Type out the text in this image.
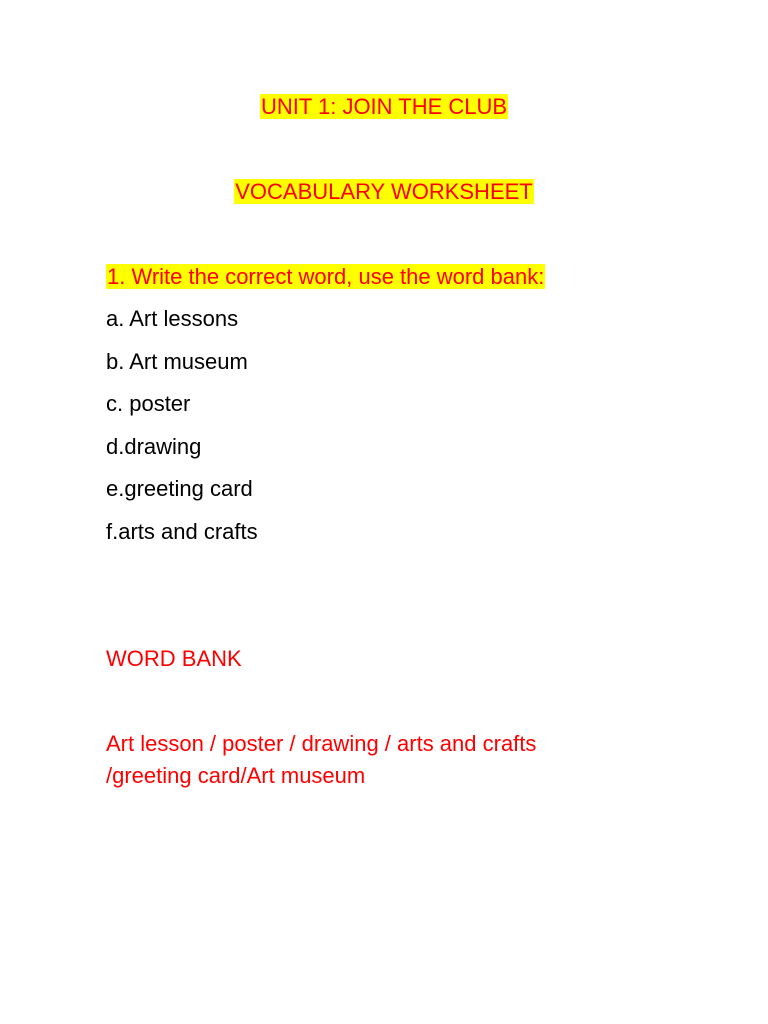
UNIT 1: JOIN THE CLUB
VOCABULARY WORKSHEET
1. Write the correct word, use the word bank:
a. Art lessons
b. Art museum
c. poster
d.drawing
e.greeting card
f.arts and crafts
WORD BANK

Art lesson / poster / drawing / arts and crafts
/greeting card/Art museum
